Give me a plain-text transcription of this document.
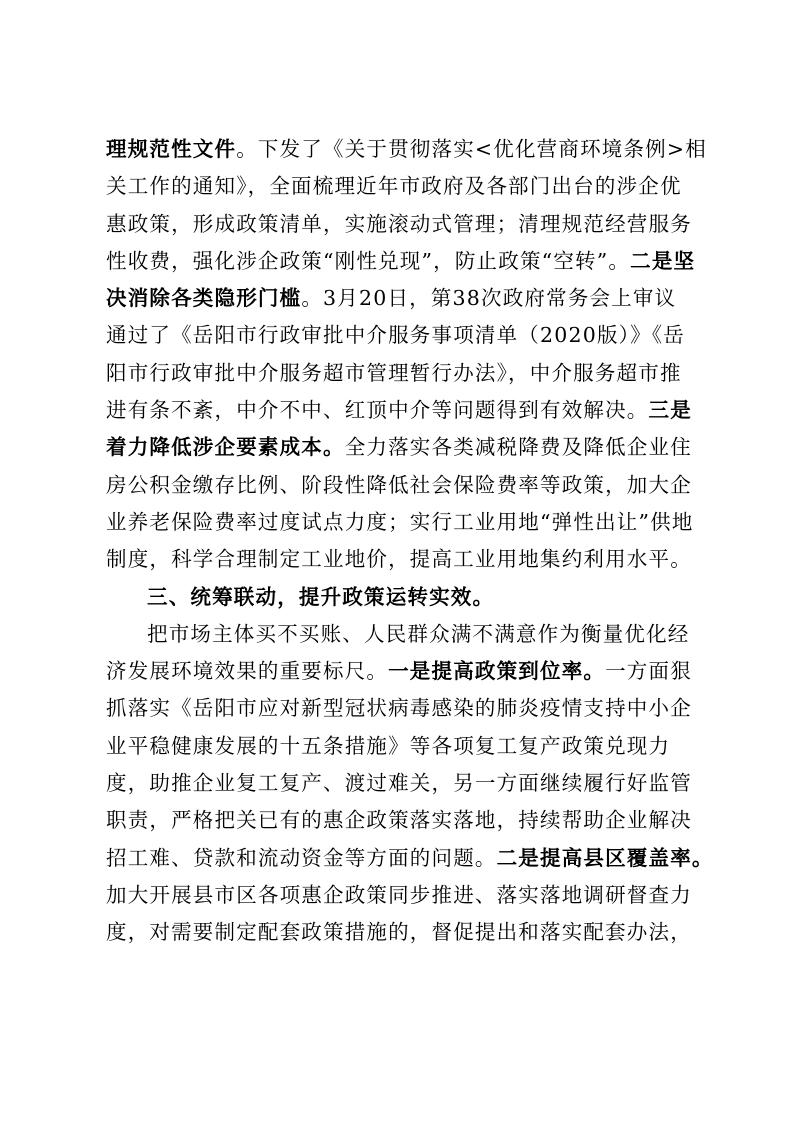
理规范性文件。下发了《关于贯彻落实<优化营商环境条例>相
关工作的通知》，全面梳理近年市政府及各部门出台的涉企优
惠政策，形成政策清单，实施滚动式管理；清理规范经营服务
性收费，强化涉企政策“刚性兑现”，防止政策“空转”。二是坚
决消除各类隐形门槛。3月20日，第38次政府常务会上审议
通过了《岳阳市行政审批中介服务事项清单（2020版）》《岳
阳市行政审批中介服务超市管理暂行办法》，中介服务超市推
进有条不紊，中介不中、红顶中介等问题得到有效解决。三是
着力降低涉企要素成本。全力落实各类减税降费及降低企业住
房公积金缴存比例、阶段性降低社会保险费率等政策，加大企
业养老保险费率过度试点力度；实行工业用地“弹性出让”供地
制度，科学合理制定工业地价，提高工业用地集约利用水平。
三、统筹联动，提升政策运转实效。
把市场主体买不买账、人民群众满不满意作为衡量优化经
济发展环境效果的重要标尺。一是提高政策到位率。一方面狠
抓落实《岳阳市应对新型冠状病毒感染的肺炎疫情支持中小企
业平稳健康发展的十五条措施》等各项复工复产政策兑现力
度，助推企业复工复产、渡过难关，另一方面继续履行好监管
职责，严格把关已有的惠企政策落实落地，持续帮助企业解决
招工难、贷款和流动资金等方面的问题。二是提高县区覆盖率。
加大开展县市区各项惠企政策同步推进、落实落地调研督查力
度，对需要制定配套政策措施的，督促提出和落实配套办法，
